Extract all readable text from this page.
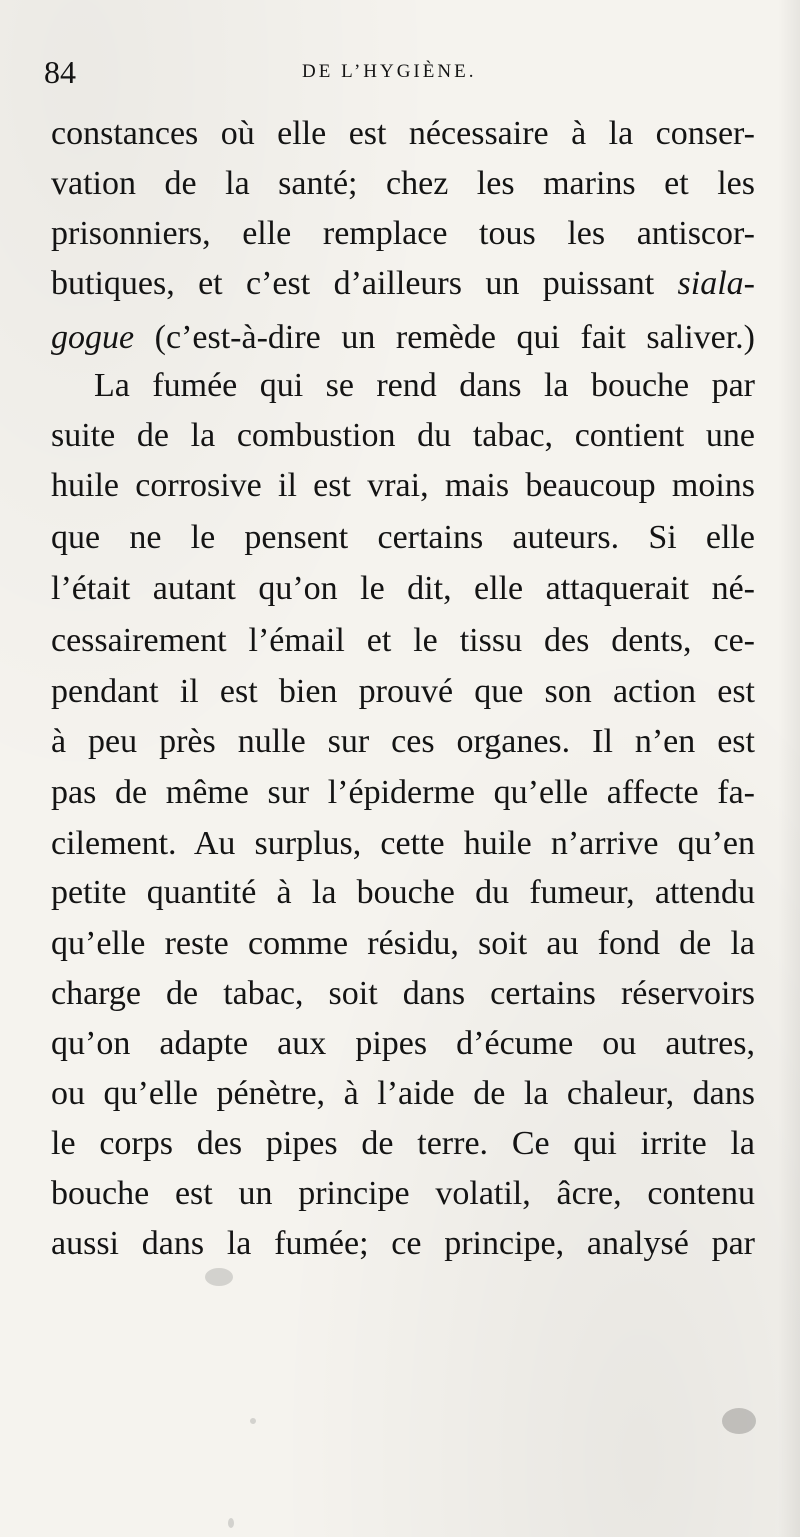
84	DE L’HYGIÈNE.
constances où elle est nécessaire à la conser-
vation de la santé; chez les marins et les
prisonniers, elle remplace tous les antiscor-
butiques, et c’est d’ailleurs un puissant siala-
gogue (c’est-à-dire un remède qui fait saliver.)
La fumée qui se rend dans la bouche par
suite de la combustion du tabac, contient une
huile corrosive il est vrai, mais beaucoup moins
que ne le pensent certains auteurs. Si elle
l’était autant qu’on le dit, elle attaquerait né-
cessairement l’émail et le tissu des dents, ce-
pendant il est bien prouvé que son action est
à peu près nulle sur ces organes. Il n’en est
pas de même sur l’épiderme qu’elle affecte fa-
cilement. Au surplus, cette huile n’arrive qu’en
petite quantité à la bouche du fumeur, attendu
qu’elle reste comme résidu, soit au fond de la
charge de tabac, soit dans certains réservoirs
qu’on adapte aux pipes d’écume ou autres,
ou qu’elle pénètre, à l’aide de la chaleur, dans
le corps des pipes de terre. Ce qui irrite la
bouche est un principe volatil, âcre, contenu
aussi dans la fumée; ce principe, analysé par
